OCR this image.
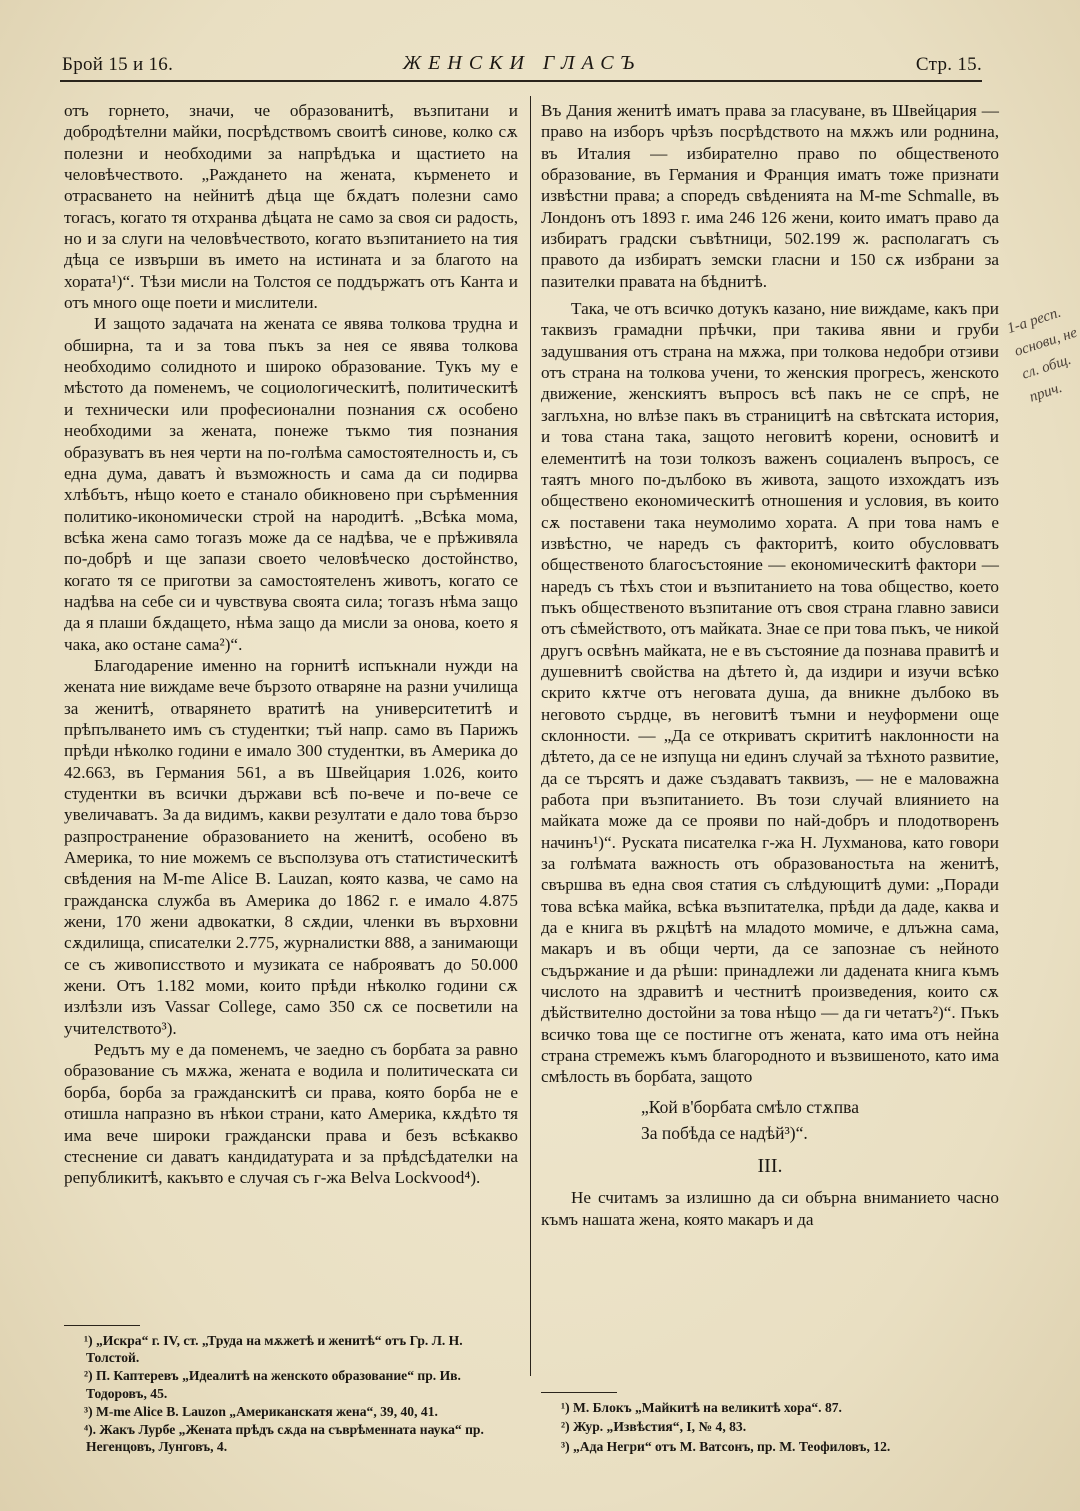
Брой 15 и 16.	ЖЕНСКИ ГЛАСЪ	Стр. 15.

отъ горнето, значи, че образованитѣ, възпитани и добродѣтелни майки, посрѣдствомъ своитѣ синове, колко сѫ полезни и необходими за напрѣдъка и щастието на человѣчеството. „Раждането на жената, кърменето и отрасването на нейнитѣ дѣца ще бѫдатъ полезни само тогасъ, когато тя отхранва дѣцата не само за своя си радость, но и за слуги на человѣчеството, когато възпитанието на тия дѣца се извърши въ името на истината и за благото на хората¹)“. Тѣзи мисли на Толстоя се поддържатъ отъ Канта и отъ много още поети и мислители.

И защото задачата на жената се явява толкова трудна и обширна, та и за това пъкъ за нея се явява толкова необходимо солидното и широко образование. Тукъ му е мѣстото да поменемъ, че социологическитѣ, политическитѣ и технически или професионални познания сѫ особено необходими за жената, понеже тъкмо тия познания образуватъ въ нея черти на по-голѣма самостоятелность и, съ една дума, даватъ ѝ възможность и сама да си подирва хлѣбътъ, нѣщо което е станало обикновено при сърѣменния политико-икономически строй на народитѣ. „Всѣка мома, всѣка жена само тогазъ може да се надѣва, че е прѣживяла по-добрѣ и ще запази своето человѣческо достойнство, когато тя се приготви за самостоятеленъ животъ, когато се надѣва на себе си и чувствува своята сила; тогазъ нѣма защо да я плаши бѫдащето, нѣма защо да мисли за онова, което я чака, ако остане сама²)“.

Благодарение именно на горнитѣ испъкнали нужди на жената ние виждаме вече бързото отваряне на разни училища за женитѣ, отварянето вратитѣ на университетитѣ и прѣпълването имъ съ студентки; тъй напр. само въ Парижъ прѣди нѣколко години е имало 300 студентки, въ Америка до 42.663, въ Германия 561, а въ Швейцария 1.026, които студентки въ всички държави всѣ по-вече и по-вече се увеличаватъ. За да видимъ, какви резултати е дало това бързо разпространение образованието на женитѣ, особено въ Америка, то ние можемъ се въсползува отъ статистическитѣ свѣдения на M-me Alice B. Lauzan, която казва, че само на гражданска служба въ Америка до 1862 г. е имало 4.875 жени, 170 жени адвокатки, 8 сѫдии, членки въ върховни сѫдилища, списателки 2.775, журналистки 888, а занимающи се съ живописството и музиката се наброяватъ до 50.000 жени. Отъ 1.182 моми, които прѣди нѣколко години сѫ излѣзли изъ Vassar College, само 350 сѫ се посветили на учителството³).

Редътъ му е да поменемъ, че заедно съ борбата за равно образование съ мѫжа, жената е водила и политическата си борба, борба за гражданскитѣ си права, която борба не е отишла напразно въ нѣкои страни, като Америка, кѫдѣто тя има вече широки граждански права и безъ всѣкакво стеснение си даватъ кандидатурата и за прѣдсѣдателки на републикитѣ, какъвто е случая съ г-жа Belva Lockvood⁴).

¹) „Искра“ г. IV, ст. „Труда на мѫжетѣ и женитѣ“ отъ Гр. Л. Н. Толстой.

²) П. Каптеревъ „Идеалитѣ на женското образование“ пр. Ив. Тодоровъ, 45.

³) M-me Alice B. Lauzon „Американскатя жена“, 39, 40, 41.

⁴). Жакъ Лурбе „Жената прѣдъ сѫда на съврѣменната наука“ пр. Негенцовъ, Лунговъ, 4.

Въ Дания женитѣ иматъ права за гласуване, въ Швейцария — право на изборъ чрѣзъ посрѣдството на мѫжъ или роднина, въ Италия — избирателно право по общественото образование, въ Германия и Франция иматъ тоже признати извѣстни права; а споредъ свѣденията на M-me Schmalle, въ Лондонъ отъ 1893 г. има 246 126 жени, които иматъ право да избиратъ градски съвѣтници, 502.199 ж. располагатъ съ правото да избиратъ земски гласни и 150 сѫ избрани за пазителки правата на бѣднитѣ.

Така, че отъ всичко дотукъ казано, ние виждаме, какъ при таквизъ грамадни прѣчки, при такива явни и груби задушвания отъ страна на мѫжа, при толкова недобри отзиви отъ страна на толкова учени, то женския прогресъ, женското движение, женскиятъ въпросъ всѣ пакъ не се спрѣ, не заглъхна, но влѣзе пакъ въ страницитѣ на свѣтската история, и това стана така, защото неговитѣ корени, основитѣ и елементитѣ на този толкозъ важенъ социаленъ въпросъ, се таятъ много по-дълбоко въ живота, защото изхождатъ изъ обществено економическитѣ отношения и условия, въ които сѫ поставени така неумолимо хората. А при това намъ е извѣстно, че наредъ съ факторитѣ, които обусловватъ общественото благосъстояние — економическитѣ фактори — наредъ съ тѣхъ стои и възпитанието на това общество, което пъкъ общественото възпитание отъ своя страна главно зависи отъ сѣмейството, отъ майката. Знае се при това пъкъ, че никой другъ освѣнъ майката, не е въ състояние да познава правитѣ и душевнитѣ свойства на дѣтето ѝ, да издири и изучи всѣко скрито кѫтче отъ неговата душа, да вникне дълбоко въ неговото сърдце, въ неговитѣ тъмни и неуформени още склонности. — „Да се откриватъ скрититѣ наклонности на дѣтето, да се не изпуща ни единъ случай за тѣхното развитие, да се търсятъ и даже създаватъ таквизъ, — не е маловажна работа при възпитанието. Въ този случай влиянието на майката може да се прояви по най-добръ и плодотворенъ начинъ¹)“. Руската писателка г-жа Н. Лухманова, като говори за голѣмата важность отъ образованостьта на женитѣ, свършва въ една своя статия съ слѣдующитѣ думи: „Поради това всѣка майка, всѣка възпитателка, прѣди да даде, каква и да е книга въ рѫцѣтѣ на младото момиче, е длъжна сама, макаръ и въ общи черти, да се запознае съ нейното съдържание и да рѣши: принадлежи ли дадената книга къмъ числото на здравитѣ и честнитѣ произведения, които сѫ дѣйствително достойни за това нѣщо — да ги четатъ²)“. Пъкъ всичко това ще се постигне отъ жената, като има отъ нейна страна стремежъ къмъ благородното и възвишеното, като има смѣлость въ борбата, защото

„Кой в'борбата смѣло стѫпва
За побѣда се надѣй³)“.
III.

Не считамъ за излишно да си обърна вниманието часно къмъ нашата жена, която макаръ и да

¹) М. Блокъ „Майкитѣ на великитѣ хора“. 87.

²) Жур. „Извѣстия“, I, № 4, 83.

³) „Ада Негри“ отъ М. Ватсонъ, пр. М. Теофиловъ, 12.

1-а респ. основи, не сл. общ. прич.
